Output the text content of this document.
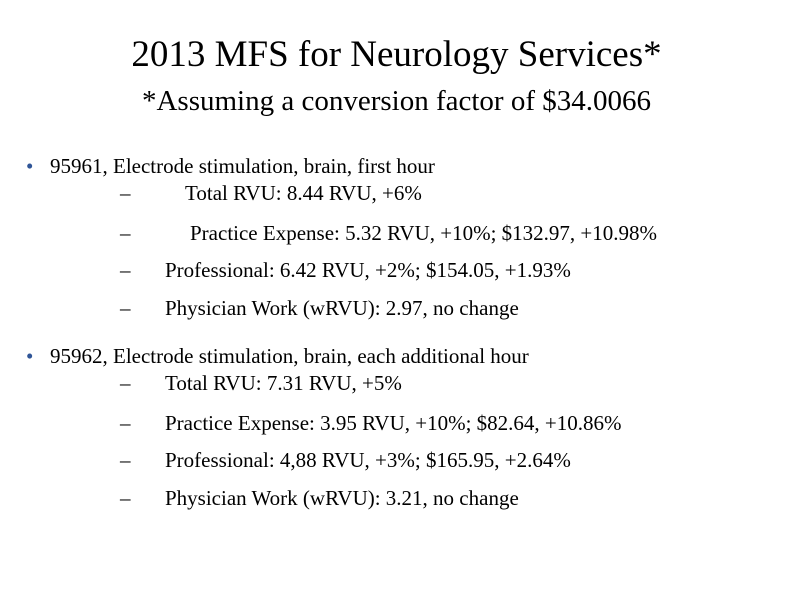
2013 MFS for Neurology Services*
*Assuming a conversion factor of $34.0066
• 95961, Electrode stimulation, brain, first hour
–	Total RVU: 8.44 RVU, +6%
–	Practice Expense: 5.32 RVU, +10%; $132.97, +10.98%
– Professional: 6.42 RVU, +2%; $154.05, +1.93%
– Physician Work (wRVU): 2.97, no change
• 95962, Electrode stimulation, brain, each additional hour
– Total RVU: 7.31 RVU, +5%
– Practice Expense: 3.95 RVU, +10%; $82.64, +10.86%
– Professional: 4,88 RVU, +3%; $165.95, +2.64%
– Physician Work (wRVU): 3.21, no change
